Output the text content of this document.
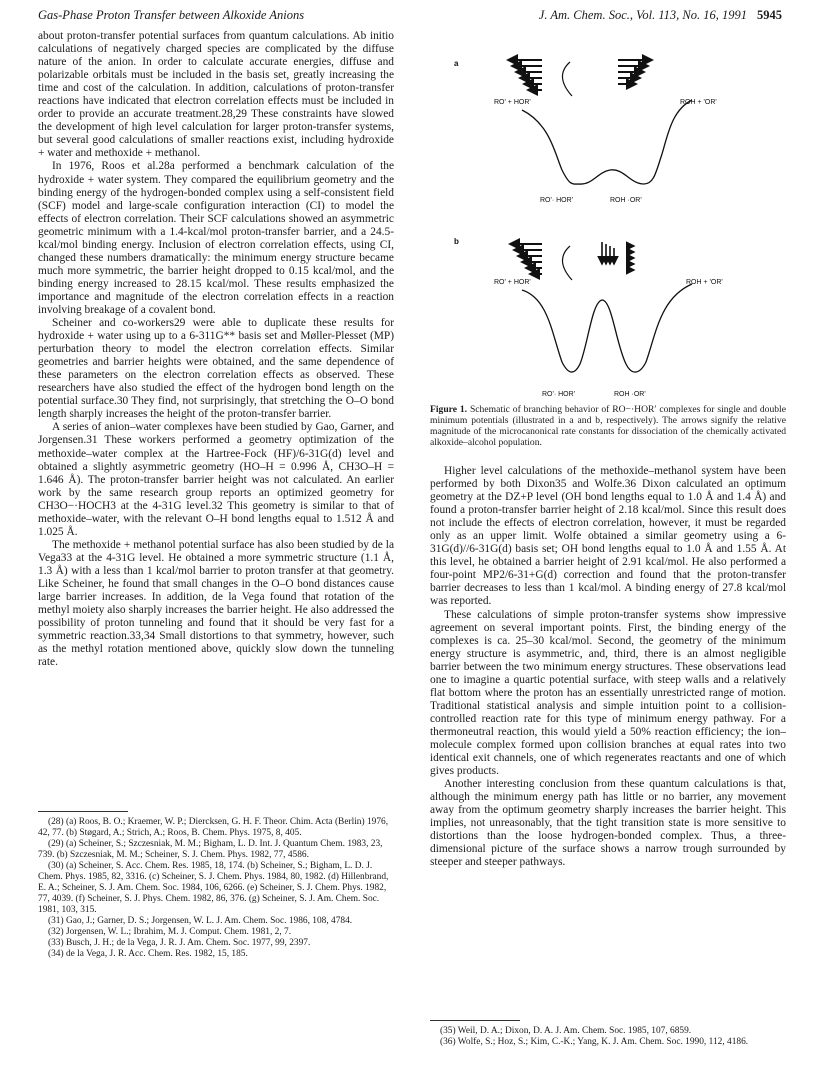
Gas-Phase Proton Transfer between Alkoxide Anions	J. Am. Chem. Soc., Vol. 113, No. 16, 1991 5945

about proton-transfer potential surfaces from quantum calculations. Ab initio calculations of negatively charged species are complicated by the diffuse nature of the anion. In order to calculate accurate energies, diffuse and polarizable orbitals must be included in the basis set, greatly increasing the time and cost of the calculation. In addition, calculations of proton-transfer reactions have indicated that electron correlation effects must be included in order to provide an accurate treatment.28,29 These constraints have slowed the development of high level calculation for larger proton-transfer systems, but several good calculations of smaller reactions exist, including hydroxide + water and methoxide + methanol.

In 1976, Roos et al.28a performed a benchmark calculation of the hydroxide + water system. They compared the equilibrium geometry and the binding energy of the hydrogen-bonded complex using a self-consistent field (SCF) model and large-scale configuration interaction (CI) to model the effects of electron correlation. Their SCF calculations showed an asymmetric geometric minimum with a 1.4-kcal/mol proton-transfer barrier, and a 24.5-kcal/mol binding energy. Inclusion of electron correlation effects, using CI, changed these numbers dramatically: the minimum energy structure became much more symmetric, the barrier height dropped to 0.15 kcal/mol, and the binding energy increased to 28.15 kcal/mol. These results emphasized the importance and magnitude of the electron correlation effects in a reaction involving breakage of a covalent bond.

Scheiner and co-workers29 were able to duplicate these results for hydroxide + water using up to a 6-311G** basis set and Møller-Plesset (MP) perturbation theory to model the electron correlation effects. Similar geometries and barrier heights were obtained, and the same dependence of these parameters on the electron correlation effects as observed. These researchers have also studied the effect of the hydrogen bond length on the potential surface.30 They find, not surprisingly, that stretching the O–O bond length sharply increases the height of the proton-transfer barrier.

A series of anion–water complexes have been studied by Gao, Garner, and Jorgensen.31 These workers performed a geometry optimization of the methoxide–water complex at the Hartree-Fock (HF)/6-31G(d) level and obtained a slightly asymmetric geometry (HO–H = 0.996 Å, CH3O–H = 1.646 Å). The proton-transfer barrier height was not calculated. An earlier work by the same research group reports an optimized geometry for CH3O−·HOCH3 at the 4-31G level.32 This geometry is similar to that of methoxide–water, with the relevant O–H bond lengths equal to 1.512 Å and 1.025 Å.

The methoxide + methanol potential surface has also been studied by de la Vega33 at the 4-31G level. He obtained a more symmetric structure (1.1 Å, 1.3 Å) with a less than 1 kcal/mol barrier to proton transfer at that geometry. Like Scheiner, he found that small changes in the O–O bond distances cause large barrier increases. In addition, de la Vega found that rotation of the methyl moiety also sharply increases the barrier height. He also addressed the possibility of proton tunneling and found that it should be very fast for a symmetric reaction.33,34 Small distortions to that symmetry, however, such as the methyl rotation mentioned above, quickly slow down the tunneling rate.

(28) (a) Roos, B. O.; Kraemer, W. P.; Diercksen, G. H. F. Theor. Chim. Acta (Berlin) 1976, 42, 77. (b) Støgard, A.; Strich, A.; Roos, B. Chem. Phys. 1975, 8, 405.
(29) (a) Scheiner, S.; Szczesniak, M. M.; Bigham, L. D. Int. J. Quantum Chem. 1983, 23, 739. (b) Szczesniak, M. M.; Scheiner, S. J. Chem. Phys. 1982, 77, 4586.
(30) (a) Scheiner, S. Acc. Chem. Res. 1985, 18, 174. (b) Scheiner, S.; Bigham, L. D. J. Chem. Phys. 1985, 82, 3316. (c) Scheiner, S. J. Chem. Phys. 1984, 80, 1982. (d) Hillenbrand, E. A.; Scheiner, S. J. Am. Chem. Soc. 1984, 106, 6266. (e) Scheiner, S. J. Chem. Phys. 1982, 77, 4039. (f) Scheiner, S. J. Phys. Chem. 1982, 86, 376. (g) Scheiner, S. J. Am. Chem. Soc. 1981, 103, 315.
(31) Gao, J.; Garner, D. S.; Jorgensen, W. L. J. Am. Chem. Soc. 1986, 108, 4784.
(32) Jorgensen, W. L.; Ibrahim, M. J. Comput. Chem. 1981, 2, 7.
(33) Busch, J. H.; de la Vega, J. R. J. Am. Chem. Soc. 1977, 99, 2397.
(34) de la Vega, J. R. Acc. Chem. Res. 1982, 15, 185.
a
RO' + HOR'	ROH + 'OR'
RO'· HOR'	ROH ·OR'
b
RO' + HOR'	ROH + 'OR'
RO'· HOR'	ROH ·OR'
Figure 1. Schematic of branching behavior of RO−·HOR′ complexes for single and double minimum potentials (illustrated in a and b, respectively). The arrows signify the relative magnitude of the microcanonical rate constants for dissociation of the chemically activated alkoxide–alcohol population.

Higher level calculations of the methoxide–methanol system have been performed by both Dixon35 and Wolfe.36 Dixon calculated an optimum geometry at the DZ+P level (OH bond lengths equal to 1.0 Å and 1.4 Å) and found a proton-transfer barrier height of 2.18 kcal/mol. Since this result does not include the effects of electron correlation, however, it must be regarded only as an upper limit. Wolfe obtained a similar geometry using a 6-31G(d)//6-31G(d) basis set; OH bond lengths equal to 1.0 Å and 1.55 Å. At this level, he obtained a barrier height of 2.91 kcal/mol. He also performed a four-point MP2/6-31+G(d) correction and found that the proton-transfer barrier decreases to less than 1 kcal/mol. A binding energy of 27.8 kcal/mol was reported.

These calculations of simple proton-transfer systems show impressive agreement on several important points. First, the binding energy of the complexes is ca. 25–30 kcal/mol. Second, the geometry of the minimum energy structure is asymmetric, and, third, there is an almost negligible barrier between the two minimum energy structures. These observations lead one to imagine a quartic potential surface, with steep walls and a relatively flat bottom where the proton has an essentially unrestricted range of motion. Traditional statistical analysis and simple intuition point to a collision-controlled reaction rate for this type of minimum energy pathway. For a thermoneutral reaction, this would yield a 50% reaction efficiency; the ion–molecule complex formed upon collision branches at equal rates into two identical exit channels, one of which regenerates reactants and one of which gives products.

Another interesting conclusion from these quantum calculations is that, although the minimum energy path has little or no barrier, any movement away from the optimum geometry sharply increases the barrier height. This implies, not unreasonably, that the tight transition state is more sensitive to distortions than the loose hydrogen-bonded complex. Thus, a three-dimensional picture of the surface shows a narrow trough surrounded by steeper and steeper pathways.

(35) Weil, D. A.; Dixon, D. A. J. Am. Chem. Soc. 1985, 107, 6859.
(36) Wolfe, S.; Hoz, S.; Kim, C.-K.; Yang, K. J. Am. Chem. Soc. 1990, 112, 4186.
